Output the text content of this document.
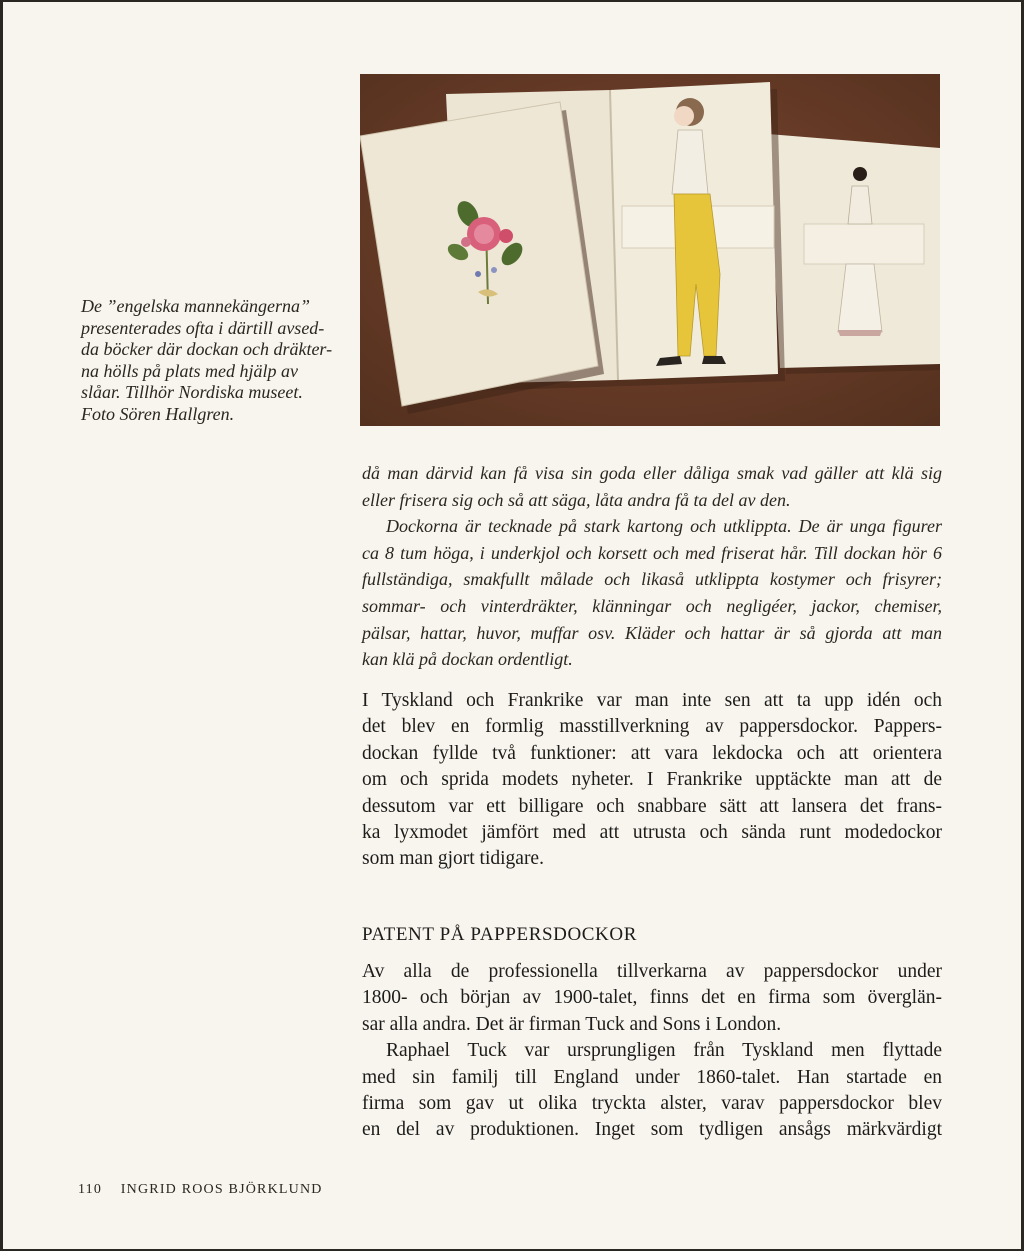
De ”engelska mannekängerna”
presenterades ofta i därtill avsed-
da böcker där dockan och dräkter-
na hölls på plats med hjälp av
slåar. Tillhör Nordiska museet.
Foto Sören Hallgren.
då man därvid kan få visa sin goda eller dåliga smak vad gäller att klä sig
eller frisera sig och så att säga, låta andra få ta del av den.
Dockorna är tecknade på stark kartong och utklippta. De är unga figurer
ca 8 tum höga, i underkjol och korsett och med friserat hår. Till dockan hör 6
fullständiga, smakfullt målade och likaså utklippta kostymer och frisyrer;
sommar- och vinterdräkter, klänningar och negligéer, jackor, chemiser,
pälsar, hattar, huvor, muffar osv. Kläder och hattar är så gjorda att man
kan klä på dockan ordentligt.
I Tyskland och Frankrike var man inte sen att ta upp idén och
det blev en formlig masstillverkning av pappersdockor. Pappers-
dockan fyllde två funktioner: att vara lekdocka och att orientera
om och sprida modets nyheter. I Frankrike upptäckte man att de
dessutom var ett billigare och snabbare sätt att lansera det frans-
ka lyxmodet jämfört med att utrusta och sända runt modedockor
som man gjort tidigare.
PATENT PÅ PAPPERSDOCKOR
Av alla de professionella tillverkarna av pappersdockor under
1800- och början av 1900-talet, finns det en firma som överglän-
sar alla andra. Det är firman Tuck and Sons i London.
Raphael Tuck var ursprungligen från Tyskland men flyttade
med sin familj till England under 1860-talet. Han startade en
firma som gav ut olika tryckta alster, varav pappersdockor blev
en del av produktionen. Inget som tydligen ansågs märkvärdigt
110 INGRID ROOS BJÖRKLUND
